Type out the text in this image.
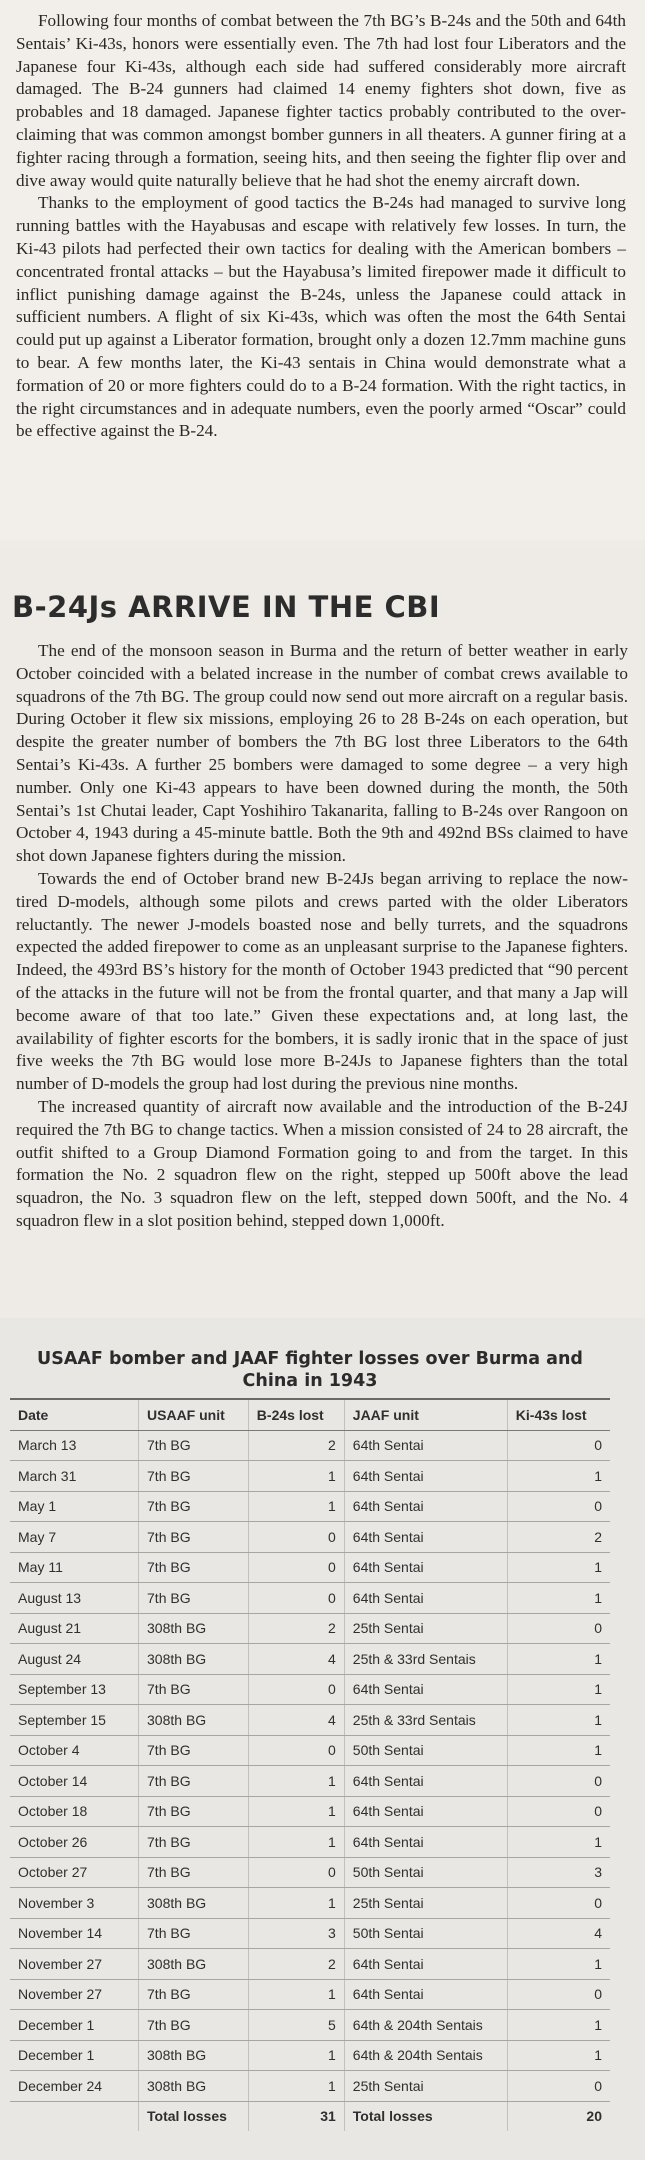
Following four months of combat between the 7th BG’s B-24s and the 50th and 64th Sentais’ Ki-43s, honors were essentially even. The 7th had lost four Liberators and the Japanese four Ki-43s, although each side had suffered considerably more aircraft damaged. The B-24 gunners had claimed 14 enemy fighters shot down, five as probables and 18 damaged. Japanese fighter tactics probably contributed to the over-claiming that was common amongst bomber gunners in all theaters. A gunner firing at a fighter racing through a formation, seeing hits, and then seeing the fighter flip over and dive away would quite naturally believe that he had shot the enemy aircraft down.

Thanks to the employment of good tactics the B-24s had managed to survive long running battles with the Hayabusas and escape with relatively few losses. In turn, the Ki-43 pilots had perfected their own tactics for dealing with the American bombers – concentrated frontal attacks – but the Hayabusa’s limited firepower made it difficult to inflict punishing damage against the B-24s, unless the Japanese could attack in sufficient numbers. A flight of six Ki-43s, which was often the most the 64th Sentai could put up against a Liberator formation, brought only a dozen 12.7mm machine guns to bear. A few months later, the Ki-43 sentais in China would demonstrate what a formation of 20 or more fighters could do to a B-24 formation. With the right tactics, in the right circumstances and in adequate numbers, even the poorly armed “Oscar” could be effective against the B-24.

B-24Js ARRIVE IN THE CBI

The end of the monsoon season in Burma and the return of better weather in early October coincided with a belated increase in the number of combat crews available to squadrons of the 7th BG. The group could now send out more aircraft on a regular basis. During October it flew six missions, employing 26 to 28 B-24s on each operation, but despite the greater number of bombers the 7th BG lost three Liberators to the 64th Sentai’s Ki-43s. A further 25 bombers were damaged to some degree – a very high number. Only one Ki-43 appears to have been downed during the month, the 50th Sentai’s 1st Chutai leader, Capt Yoshihiro Takanarita, falling to B-24s over Rangoon on October 4, 1943 during a 45-minute battle. Both the 9th and 492nd BSs claimed to have shot down Japanese fighters during the mission.

Towards the end of October brand new B-24Js began arriving to replace the now-tired D-models, although some pilots and crews parted with the older Liberators reluctantly. The newer J-models boasted nose and belly turrets, and the squadrons expected the added firepower to come as an unpleasant surprise to the Japanese fighters. Indeed, the 493rd BS’s history for the month of October 1943 predicted that “90 percent of the attacks in the future will not be from the frontal quarter, and that many a Jap will become aware of that too late.” Given these expectations and, at long last, the availability of fighter escorts for the bombers, it is sadly ironic that in the space of just five weeks the 7th BG would lose more B-24Js to Japanese fighters than the total number of D-models the group had lost during the previous nine months.

The increased quantity of aircraft now available and the introduction of the B-24J required the 7th BG to change tactics. When a mission consisted of 24 to 28 aircraft, the outfit shifted to a Group Diamond Formation going to and from the target. In this formation the No. 2 squadron flew on the right, stepped up 500ft above the lead squadron, the No. 3 squadron flew on the left, stepped down 500ft, and the No. 4 squadron flew in a slot position behind, stepped down 1,000ft.

USAAF bomber and JAAF fighter losses over Burma and China in 1943
Date	USAAF unit	B-24s lost	JAAF unit	Ki-43s lost
March 13	7th BG	2	64th Sentai	0
March 31	7th BG	1	64th Sentai	1
May 1	7th BG	1	64th Sentai	0
May 7	7th BG	0	64th Sentai	2
May 11	7th BG	0	64th Sentai	1
August 13	7th BG	0	64th Sentai	1
August 21	308th BG	2	25th Sentai	0
August 24	308th BG	4	25th & 33rd Sentais	1
September 13	7th BG	0	64th Sentai	1
September 15	308th BG	4	25th & 33rd Sentais	1
October 4	7th BG	0	50th Sentai	1
October 14	7th BG	1	64th Sentai	0
October 18	7th BG	1	64th Sentai	0
October 26	7th BG	1	64th Sentai	1
October 27	7th BG	0	50th Sentai	3
November 3	308th BG	1	25th Sentai	0
November 14	7th BG	3	50th Sentai	4
November 27	308th BG	2	64th Sentai	1
November 27	7th BG	1	64th Sentai	0
December 1	7th BG	5	64th & 204th Sentais	1
December 1	308th BG	1	64th & 204th Sentais	1
December 24	308th BG	1	25th Sentai	0
	Total losses	31	Total losses	20
